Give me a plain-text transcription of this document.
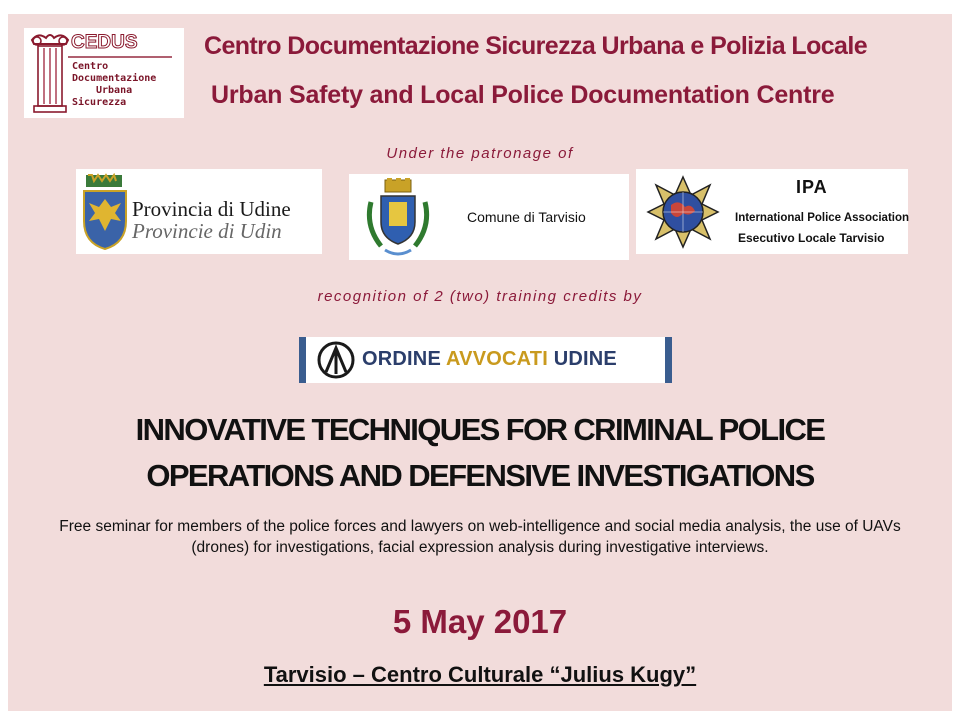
CEDUS
Centro
Documentazione
Urbana
Sicurezza
Centro Documentazione Sicurezza Urbana e Polizia Locale
Urban Safety and Local Police Documentation Centre
Under the patronage of
Provincia di Udine
Provincie di Udin
Comune di Tarvisio
IPA
International Police Association
Esecutivo Locale Tarvisio
recognition of 2 (two) training credits by
ORDINE AVVOCATI UDINE
INNOVATIVE TECHNIQUES FOR CRIMINAL POLICE
OPERATIONS AND DEFENSIVE INVESTIGATIONS
Free seminar for members of the police forces and lawyers on web-intelligence and social media analysis, the use of UAVs (drones) for investigations, facial expression analysis during investigative interviews.
5 May 2017
Tarvisio – Centro Culturale “Julius Kugy”
